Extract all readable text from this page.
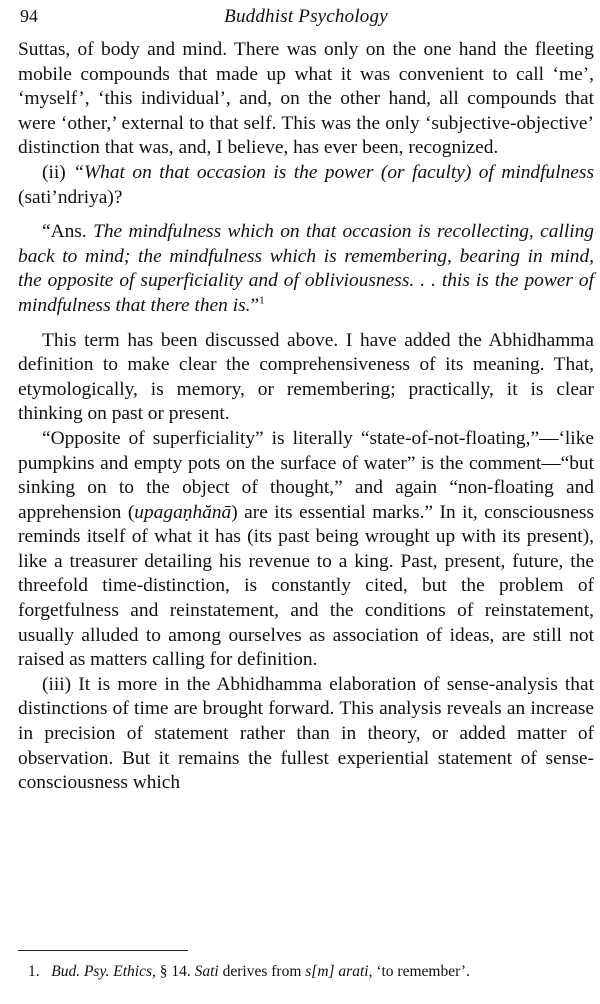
94	Buddhist Psychology

Suttas, of body and mind. There was only on the one hand the fleeting mobile compounds that made up what it was convenient to call ‘me’, ‘myself’, ‘this individual’, and, on the other hand, all compounds that were ‘other,’ external to that self. This was the only ‘subjective-objective’ distinction that was, and, I believe, has ever been, recognized.

(ii) “What on that occasion is the power (or faculty) of mindfulness (sati’ndriya)?

“Ans. The mindfulness which on that occasion is recollecting, calling back to mind; the mindfulness which is remembering, bearing in mind, the opposite of superficiality and of obliviousness. . . this is the power of mindfulness that there then is.”$^1$

This term has been discussed above. I have added the Abhidhamma definition to make clear the comprehensiveness of its meaning. That, etymologically, is memory, or remembering; practically, it is clear thinking on past or present.

“Opposite of superficiality” is literally “state-of-not-floating,”—‘like pumpkins and empty pots on the surface of water” is the comment—“but sinking on to the object of thought,” and again “non-floating and apprehension (upagaṇhănā) are its essential marks.” In it, consciousness reminds itself of what it has (its past being wrought up with its present), like a treasurer detailing his revenue to a king. Past, present, future, the threefold time-distinction, is constantly cited, but the problem of forgetfulness and reinstatement, and the conditions of reinstatement, usually alluded to among ourselves as association of ideas, are still not raised as matters calling for definition.

(iii) It is more in the Abhidhamma elaboration of sense-analysis that distinctions of time are brought forward. This analysis reveals an increase in precision of statement rather than in theory, or added matter of observation. But it remains the fullest experiential statement of sense-consciousness which

1. Bud. Psy. Ethics, § 14. Sati derives from s[m] arati, ‘to remember’.
